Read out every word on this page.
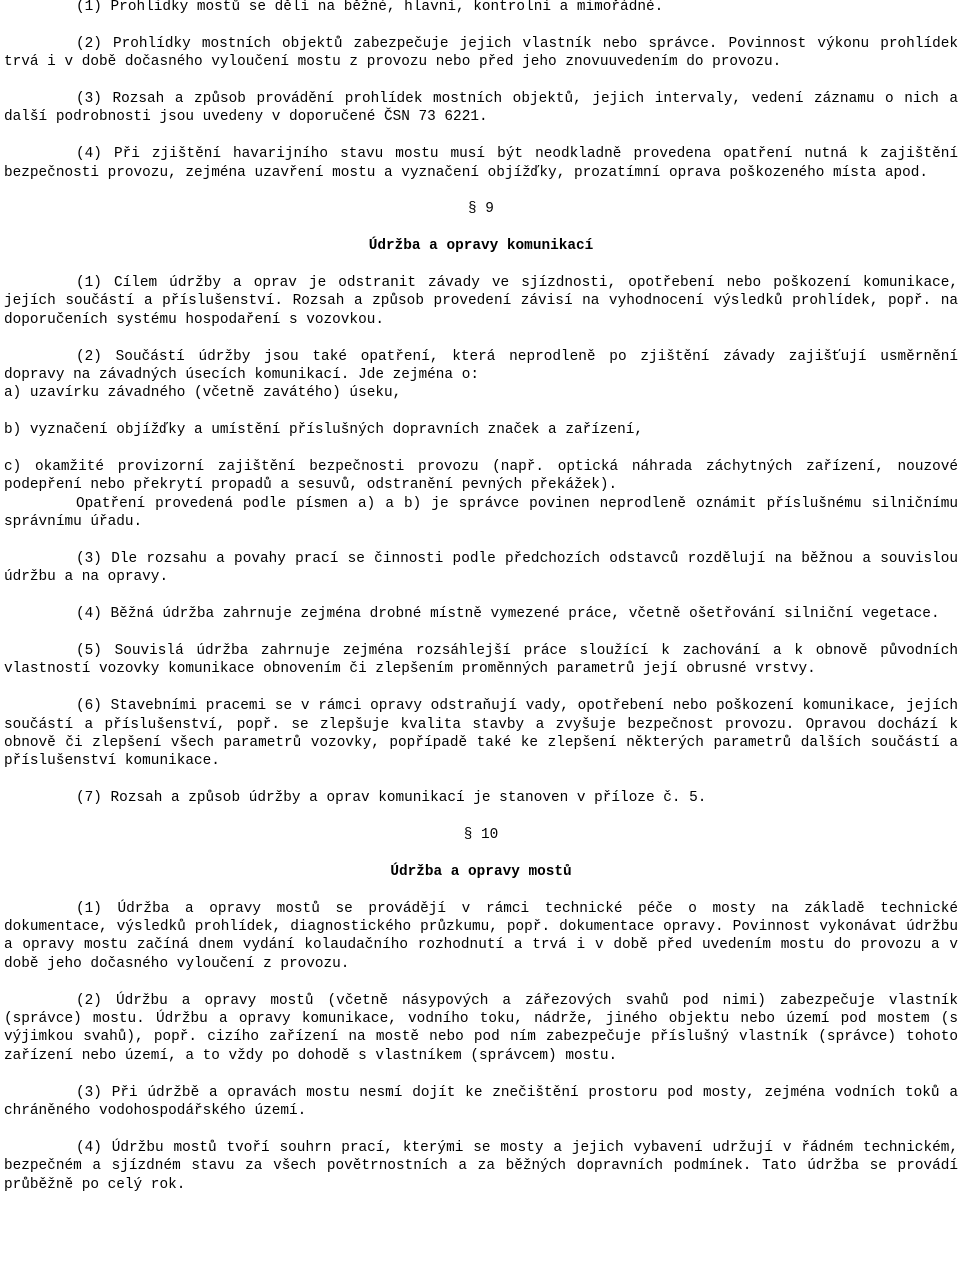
(1) Prohlídky mostů se dělí na běžné, hlavní, kontrolní a mimořádné.

(2) Prohlídky mostních objektů zabezpečuje jejich vlastník nebo správce. Povinnost výkonu prohlídek trvá i v době dočasného vyloučení mostu z provozu nebo před jeho znovuuvedením do provozu.

(3) Rozsah a způsob provádění prohlídek mostních objektů, jejich intervaly, vedení záznamu o nich a další podrobnosti jsou uvedeny v doporučené ČSN 73 6221.

(4) Při zjištění havarijního stavu mostu musí být neodkladně provedena opatření nutná k zajištění bezpečnosti provozu, zejména uzavření mostu a vyznačení objížďky, prozatímní oprava poškozeného místa apod.

§ 9

Údržba a opravy komunikací

(1) Cílem údržby a oprav je odstranit závady ve sjízdnosti, opotřebení nebo poškození komunikace, jejích součástí a příslušenství. Rozsah a způsob provedení závisí na vyhodnocení výsledků prohlídek, popř. na doporučeních systému hospodaření s vozovkou.

(2) Součástí údržby jsou také opatření, která neprodleně po zjištění závady zajišťují usměrnění dopravy na závadných úsecích komunikací. Jde zejména o:

a) uzavírku závadného (včetně zavátého) úseku,

b) vyznačení objížďky a umístění příslušných dopravních značek a zařízení,

c) okamžité provizorní zajištění bezpečnosti provozu (např. optická náhrada záchytných zařízení, nouzové podepření nebo překrytí propadů a sesuvů, odstranění pevných překážek).

Opatření provedená podle písmen a) a b) je správce povinen neprodleně oznámit příslušnému silničnímu správnímu úřadu.

(3) Dle rozsahu a povahy prací se činnosti podle předchozích odstavců rozdělují na běžnou a souvislou údržbu a na opravy.

(4) Běžná údržba zahrnuje zejména drobné místně vymezené práce, včetně ošetřování silniční vegetace.

(5) Souvislá údržba zahrnuje zejména rozsáhlejší práce sloužící k zachování a k obnově původních vlastností vozovky komunikace obnovením či zlepšením proměnných parametrů její obrusné vrstvy.

(6) Stavebními pracemi se v rámci opravy odstraňují vady, opotřebení nebo poškození komunikace, jejích součástí a příslušenství, popř. se zlepšuje kvalita stavby a zvyšuje bezpečnost provozu. Opravou dochází k obnově či zlepšení všech parametrů vozovky, popřípadě také ke zlepšení některých parametrů dalších součástí a příslušenství komunikace.

(7) Rozsah a způsob údržby a oprav komunikací je stanoven v příloze č. 5.

§ 10

Údržba a opravy mostů

(1) Údržba a opravy mostů se provádějí v rámci technické péče o mosty na základě technické dokumentace, výsledků prohlídek, diagnostického průzkumu, popř. dokumentace opravy. Povinnost vykonávat údržbu a opravy mostu začíná dnem vydání kolaudačního rozhodnutí a trvá i v době před uvedením mostu do provozu a v době jeho dočasného vyloučení z provozu.

(2) Údržbu a opravy mostů (včetně násypových a zářezových svahů pod nimi) zabezpečuje vlastník (správce) mostu. Údržbu a opravy komunikace, vodního toku, nádrže, jiného objektu nebo území pod mostem (s výjimkou svahů), popř. cizího zařízení na mostě nebo pod ním zabezpečuje příslušný vlastník (správce) tohoto zařízení nebo území, a to vždy po dohodě s vlastníkem (správcem) mostu.

(3) Při údržbě a opravách mostu nesmí dojít ke znečištění prostoru pod mosty, zejména vodních toků a chráněného vodohospodářského území.

(4) Údržbu mostů tvoří souhrn prací, kterými se mosty a jejich vybavení udržují v řádném technickém, bezpečném a sjízdném stavu za všech povětrnostních a za běžných dopravních podmínek. Tato údržba se provádí průběžně po celý rok.
